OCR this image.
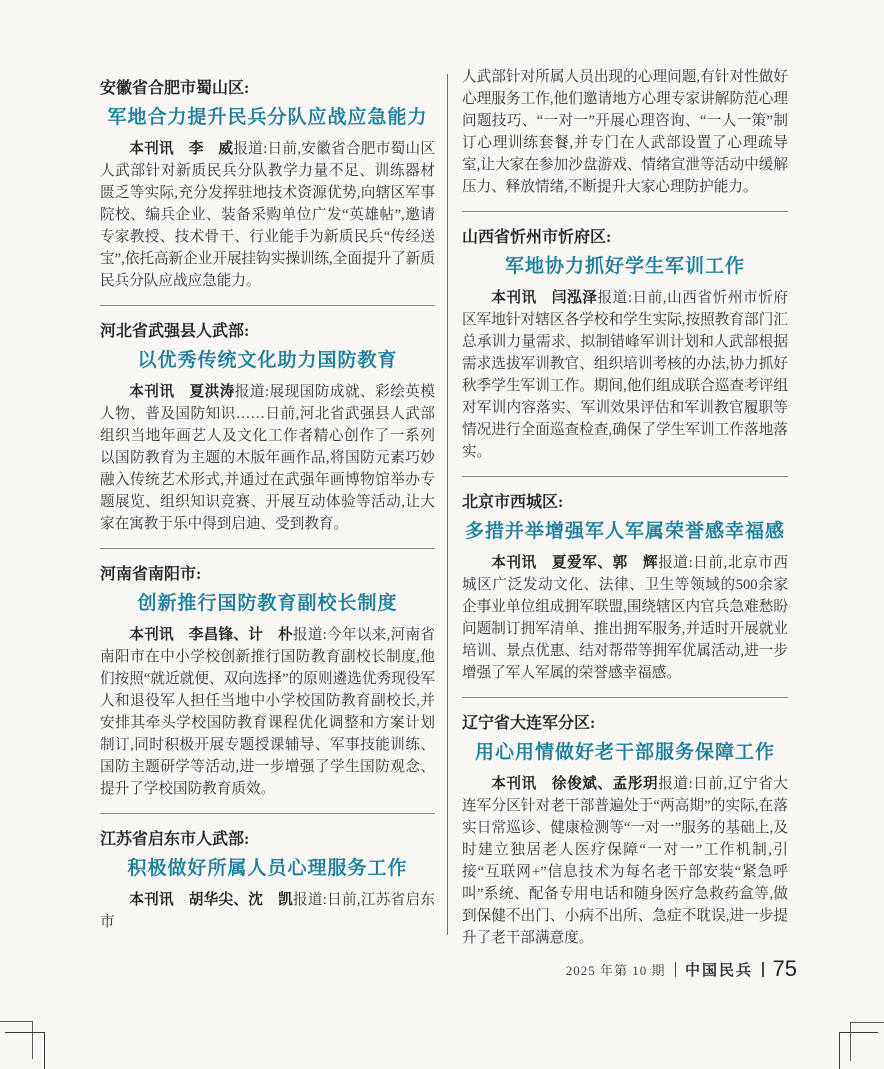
安徽省合肥市蜀山区:

军地合力提升民兵分队应战应急能力

本刊讯　李　威报道:日前,安徽省合肥市蜀山区人武部针对新质民兵分队教学力量不足、训练器材匮乏等实际,充分发挥驻地技术资源优势,向辖区军事院校、编兵企业、装备采购单位广发“英雄帖”,邀请专家教授、技术骨干、行业能手为新质民兵“传经送宝”,依托高新企业开展挂钩实操训练,全面提升了新质民兵分队应战应急能力。

河北省武强县人武部:

以优秀传统文化助力国防教育

本刊讯　夏洪涛报道:展现国防成就、彩绘英模人物、普及国防知识……日前,河北省武强县人武部组织当地年画艺人及文化工作者精心创作了一系列以国防教育为主题的木版年画作品,将国防元素巧妙融入传统艺术形式,并通过在武强年画博物馆举办专题展览、组织知识竞赛、开展互动体验等活动,让大家在寓教于乐中得到启迪、受到教育。

河南省南阳市:

创新推行国防教育副校长制度

本刊讯　李昌锋、计　朴报道:今年以来,河南省南阳市在中小学校创新推行国防教育副校长制度,他们按照“就近就便、双向选择”的原则遴选优秀现役军人和退役军人担任当地中小学校国防教育副校长,并安排其牵头学校国防教育课程优化调整和方案计划制订,同时积极开展专题授课辅导、军事技能训练、国防主题研学等活动,进一步增强了学生国防观念、提升了学校国防教育质效。

江苏省启东市人武部:

积极做好所属人员心理服务工作

本刊讯　胡华尖、沈　凯报道:日前,江苏省启东市

人武部针对所属人员出现的心理问题,有针对性做好心理服务工作,他们邀请地方心理专家讲解防范心理问题技巧、“一对一”开展心理咨询、“一人一策”制订心理训练套餐,并专门在人武部设置了心理疏导室,让大家在参加沙盘游戏、情绪宣泄等活动中缓解压力、释放情绪,不断提升大家心理防护能力。

山西省忻州市忻府区:

军地协力抓好学生军训工作

本刊讯　闫泓泽报道:日前,山西省忻州市忻府区军地针对辖区各学校和学生实际,按照教育部门汇总承训力量需求、拟制错峰军训计划和人武部根据需求选拔军训教官、组织培训考核的办法,协力抓好秋季学生军训工作。期间,他们组成联合巡查考评组对军训内容落实、军训效果评估和军训教官履职等情况进行全面巡查检查,确保了学生军训工作落地落实。

北京市西城区:

多措并举增强军人军属荣誉感幸福感

本刊讯　夏爱军、郭　辉报道:日前,北京市西城区广泛发动文化、法律、卫生等领域的500余家企事业单位组成拥军联盟,围绕辖区内官兵急难愁盼问题制订拥军清单、推出拥军服务,并适时开展就业培训、景点优惠、结对帮带等拥军优属活动,进一步增强了军人军属的荣誉感幸福感。

辽宁省大连军分区:

用心用情做好老干部服务保障工作

本刊讯　徐俊斌、孟彤玥报道:日前,辽宁省大连军分区针对老干部普遍处于“两高期”的实际,在落实日常巡诊、健康检测等“一对一”服务的基础上,及时建立独居老人医疗保障“一对一”工作机制,引接“互联网+”信息技术为每名老干部安装“紧急呼叫”系统、配备专用电话和随身医疗急救药盒等,做到保健不出门、小病不出所、急症不耽误,进一步提升了老干部满意度。

2025 年第 10 期 中国民兵 75
